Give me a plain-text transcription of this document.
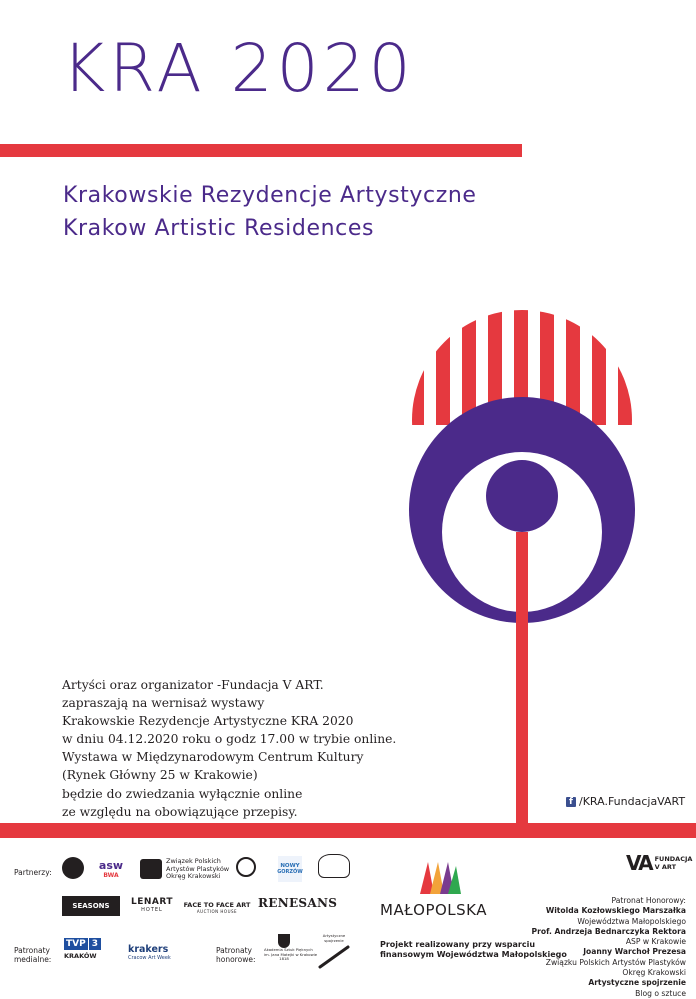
KRA 2020
Krakowskie Rezydencje Artystyczne
Krakow Artistic Residences
Artyści oraz organizator -Fundacja V ART.
zapraszają na wernisaż wystawy
Krakowskie Rezydencje Artystyczne KRA 2020
w dniu 04.12.2020 roku o godz 17.00 w trybie online.
Wystawa w Międzynarodowym Centrum Kultury
(Rynek Główny 25 w Krakowie)
będzie do zwiedzania wyłącznie online
ze względu na obowiązujące przepisy.
f /KRA.FundacjaVART
Partnerzy:
Patronaty
medialne:
Patronaty
honorowe:
asw
BWA
Związek Polskich
Artystów Plastyków
Okręg Krakowski
NOWY
GORZÓW
SEASONS	LENART
HOTEL
FACE TO FACE ART
AUCTION HOUSE
RENESANS
TVP 3
KRAKÓW
krakers
Cracow Art Week
Akademia Sztuk Pięknych
im. Jana Matejki w Krakowie
1818
Artystyczne spojrzenie
MAŁOPOLSKA
Projekt realizowany przy wsparciu
finansowym Województwa Małopolskiego
VA FUNDACJA
V ART
Patronat Honorowy:
Witolda Kozłowskiego Marszałka
Województwa Małopolskiego
Prof. Andrzeja Bednarczyka Rektora
ASP w Krakowie
Joanny Warchoł Prezesa
Związku Polskich Artystów Plastyków
Okręg Krakowski
Artystyczne spojrzenie
Blog o sztuce
